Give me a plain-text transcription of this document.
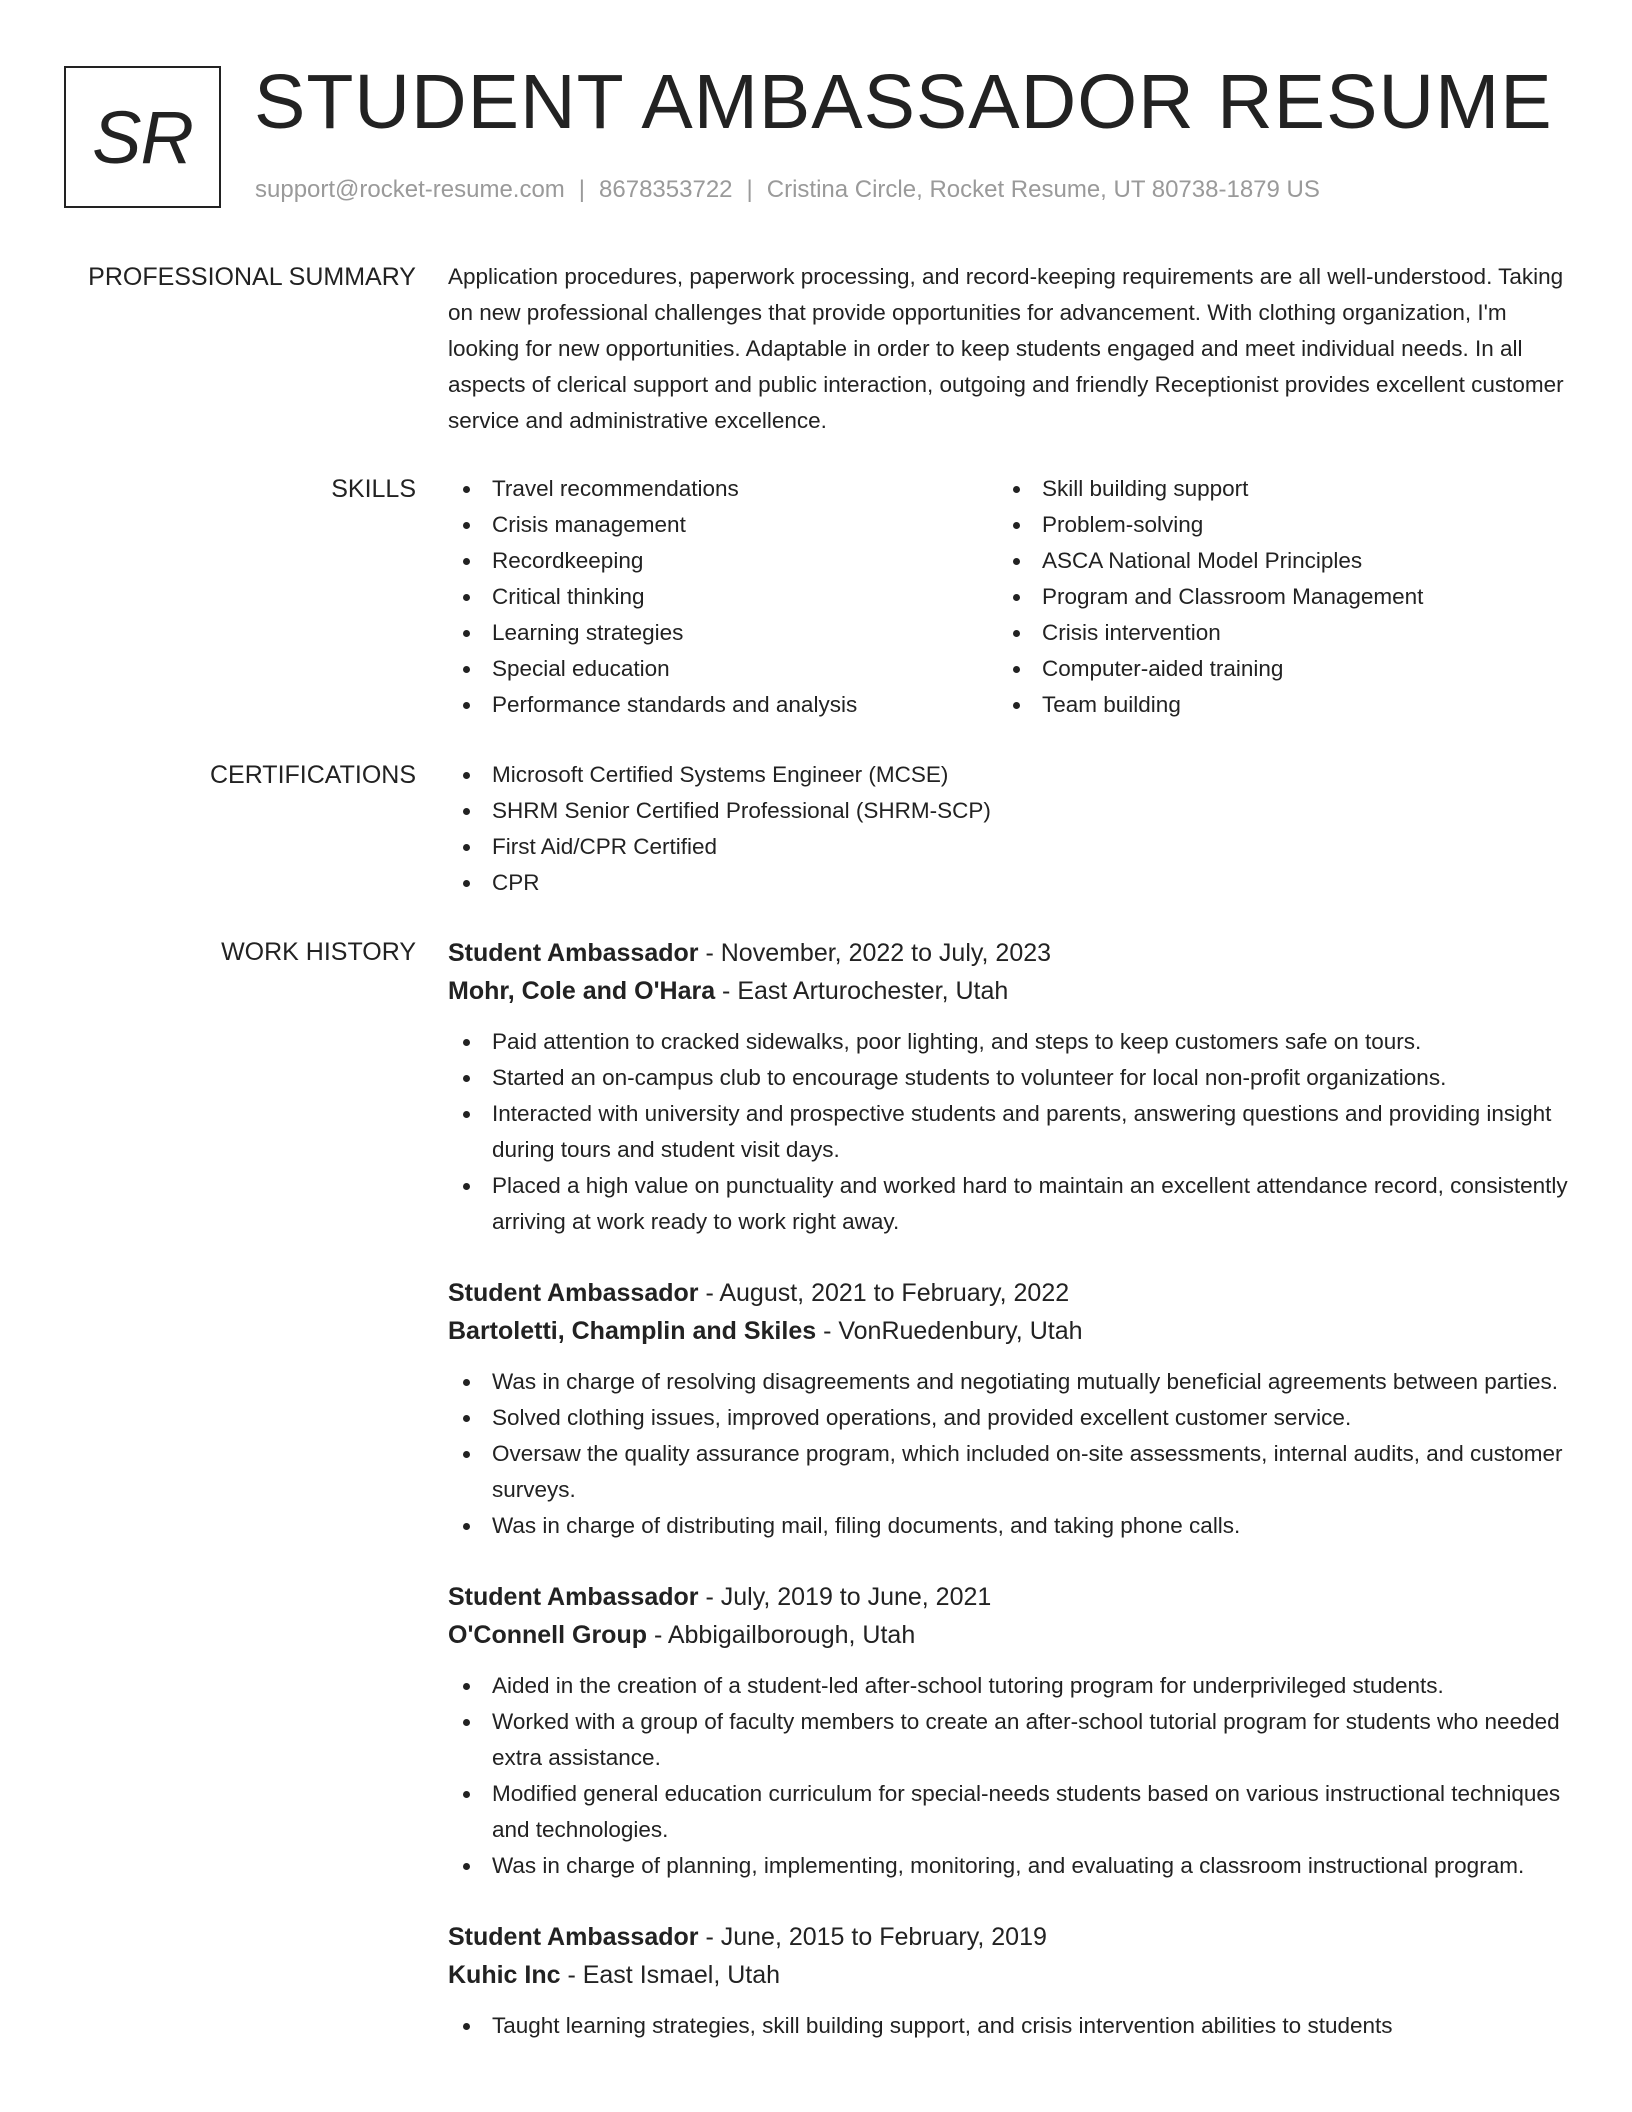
SR STUDENT AMBASSADOR RESUME
support@rocket-resume.com | 8678353722 | Cristina Circle, Rocket Resume, UT 80738-1879 US
PROFESSIONAL SUMMARY Application procedures, paperwork processing, and record-keeping requirements are all well-understood. Taking on new professional challenges that provide opportunities for advancement. With clothing organization, I'm looking for new opportunities. Adaptable in order to keep students engaged and meet individual needs. In all aspects of clerical support and public interaction, outgoing and friendly Receptionist provides excellent customer service and administrative excellence.
SKILLS	Travel recommendations
Crisis management
Recordkeeping
Critical thinking
Learning strategies
Special education
Performance standards and analysis
Skill building support
Problem-solving
ASCA National Model Principles
Program and Classroom Management
Crisis intervention
Computer-aided training
Team building
CERTIFICATIONS	Microsoft Certified Systems Engineer (MCSE)
SHRM Senior Certified Professional (SHRM-SCP)
First Aid/CPR Certified
CPR
WORK HISTORY Student Ambassador - November, 2022 to July, 2023
Mohr, Cole and O'Hara - East Arturochester, Utah
Paid attention to cracked sidewalks, poor lighting, and steps to keep customers safe on tours.
Started an on-campus club to encourage students to volunteer for local non-profit organizations.
Interacted with university and prospective students and parents, answering questions and providing insight during tours and student visit days.
Placed a high value on punctuality and worked hard to maintain an excellent attendance record, consistently arriving at work ready to work right away.
Student Ambassador - August, 2021 to February, 2022
Bartoletti, Champlin and Skiles - VonRuedenbury, Utah
Was in charge of resolving disagreements and negotiating mutually beneficial agreements between parties.
Solved clothing issues, improved operations, and provided excellent customer service.
Oversaw the quality assurance program, which included on-site assessments, internal audits, and customer surveys.
Was in charge of distributing mail, filing documents, and taking phone calls.
Student Ambassador - July, 2019 to June, 2021
O'Connell Group - Abbigailborough, Utah
Aided in the creation of a student-led after-school tutoring program for underprivileged students.
Worked with a group of faculty members to create an after-school tutorial program for students who needed extra assistance.
Modified general education curriculum for special-needs students based on various instructional techniques and technologies.
Was in charge of planning, implementing, monitoring, and evaluating a classroom instructional program.
Student Ambassador - June, 2015 to February, 2019
Kuhic Inc - East Ismael, Utah
Taught learning strategies, skill building support, and crisis intervention abilities to students
